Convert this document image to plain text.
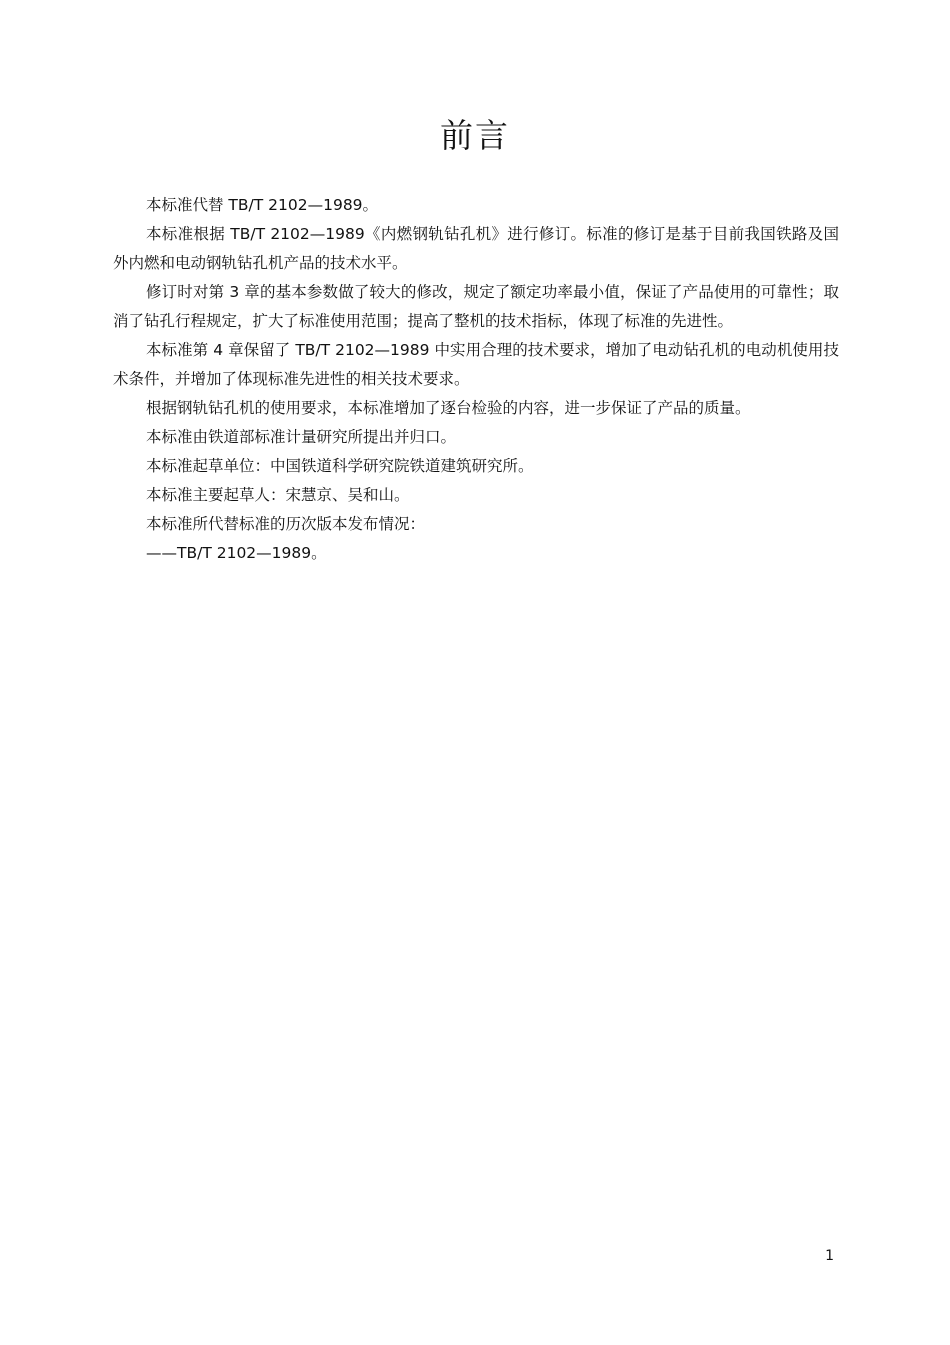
前言

本标准代替 TB/T 2102—1989。

本标准根据 TB/T 2102—1989《内燃钢轨钻孔机》进行修订。标准的修订是基于目前我国铁路及国外内燃和电动钢轨钻孔机产品的技术水平。

修订时对第 3 章的基本参数做了较大的修改，规定了额定功率最小值，保证了产品使用的可靠性；取消了钻孔行程规定，扩大了标准使用范围；提高了整机的技术指标，体现了标准的先进性。

本标准第 4 章保留了 TB/T 2102—1989 中实用合理的技术要求，增加了电动钻孔机的电动机使用技术条件，并增加了体现标准先进性的相关技术要求。

根据钢轨钻孔机的使用要求，本标准增加了逐台检验的内容，进一步保证了产品的质量。

本标准由铁道部标准计量研究所提出并归口。

本标准起草单位：中国铁道科学研究院铁道建筑研究所。

本标准主要起草人：宋慧京、吴和山。

本标准所代替标准的历次版本发布情况：

——TB/T 2102—1989。

1
